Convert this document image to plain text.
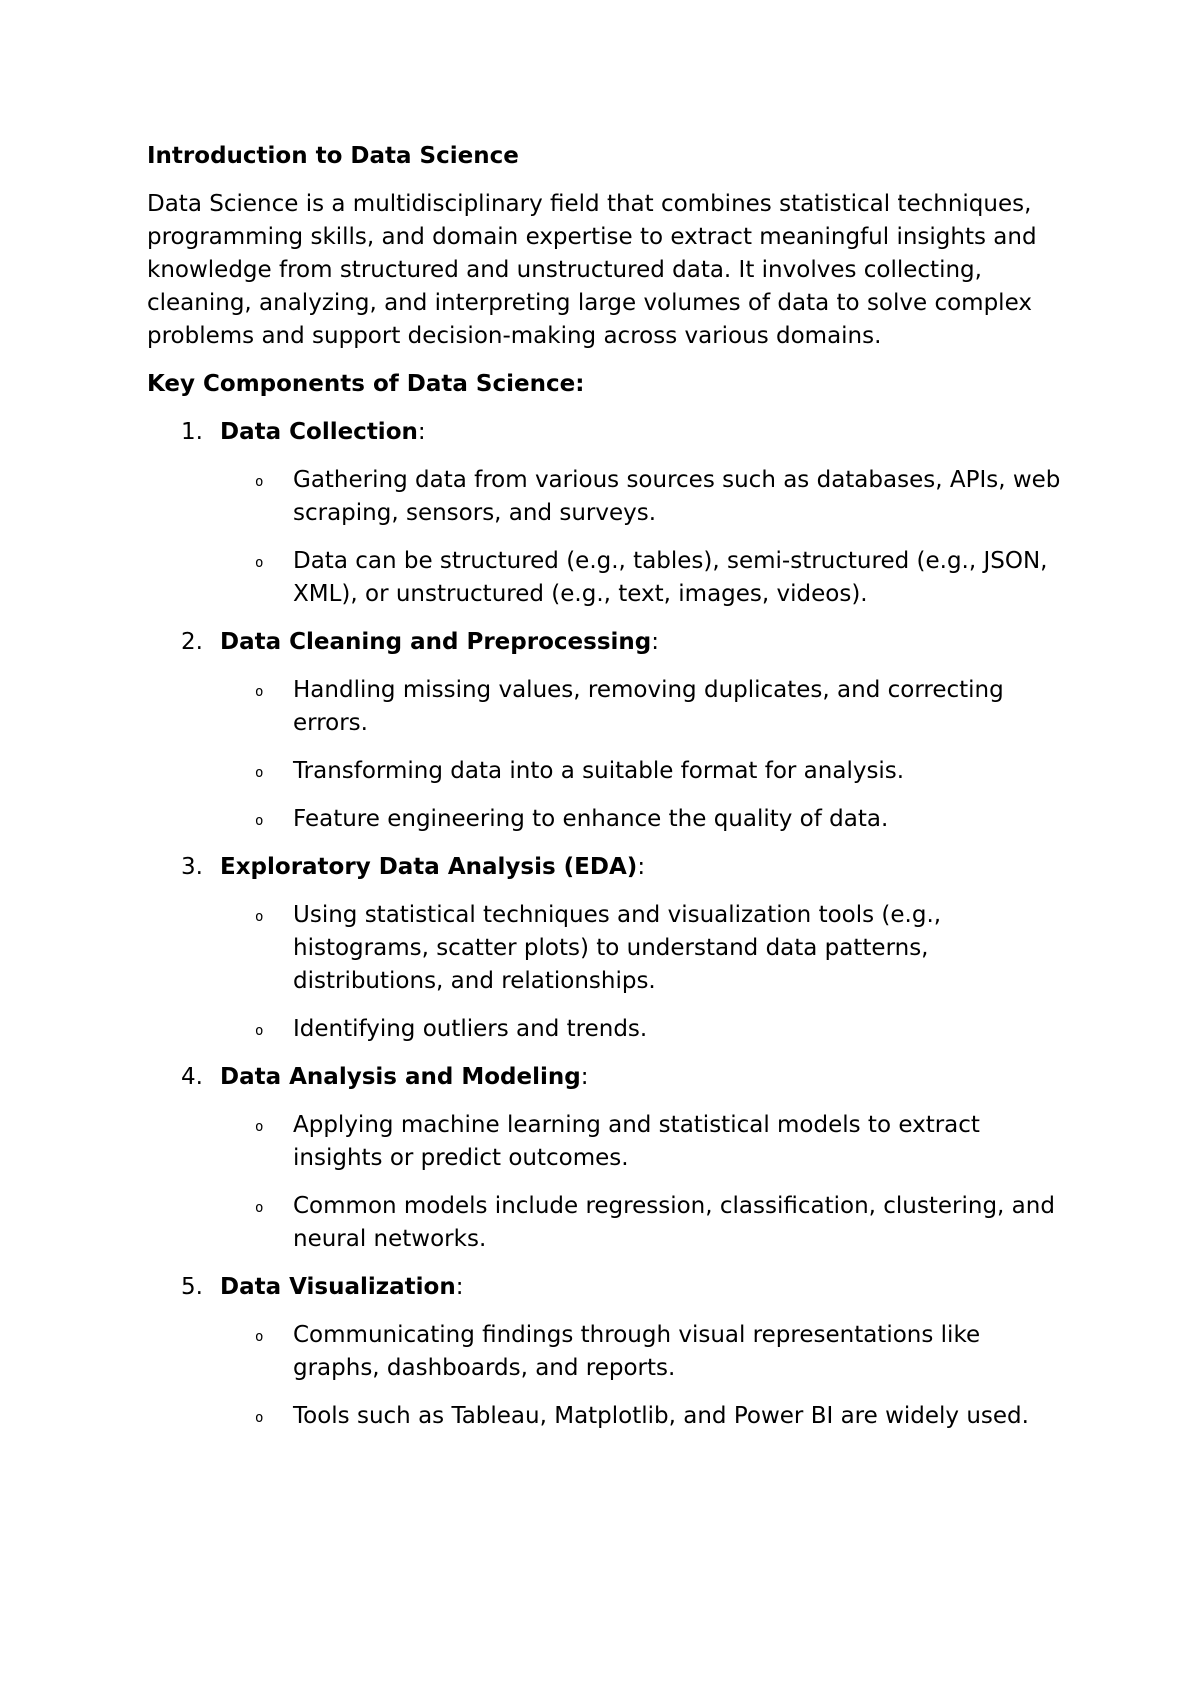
Introduction to Data Science
Data Science is a multidisciplinary field that combines statistical techniques, programming skills, and domain expertise to extract meaningful insights and knowledge from structured and unstructured data. It involves collecting, cleaning, analyzing, and interpreting large volumes of data to solve complex problems and support decision-making across various domains.
Key Components of Data Science:
1. Data Collection:
o Gathering data from various sources such as databases, APIs, web scraping, sensors, and surveys.
o Data can be structured (e.g., tables), semi-structured (e.g., JSON, XML), or unstructured (e.g., text, images, videos).
2. Data Cleaning and Preprocessing:
o Handling missing values, removing duplicates, and correcting errors.
o Transforming data into a suitable format for analysis.
o Feature engineering to enhance the quality of data.
3. Exploratory Data Analysis (EDA):
o Using statistical techniques and visualization tools (e.g., histograms, scatter plots) to understand data patterns, distributions, and relationships.
o Identifying outliers and trends.
4. Data Analysis and Modeling:
o Applying machine learning and statistical models to extract insights or predict outcomes.
o Common models include regression, classification, clustering, and neural networks.
5. Data Visualization:
o Communicating findings through visual representations like graphs, dashboards, and reports.
o Tools such as Tableau, Matplotlib, and Power BI are widely used.
